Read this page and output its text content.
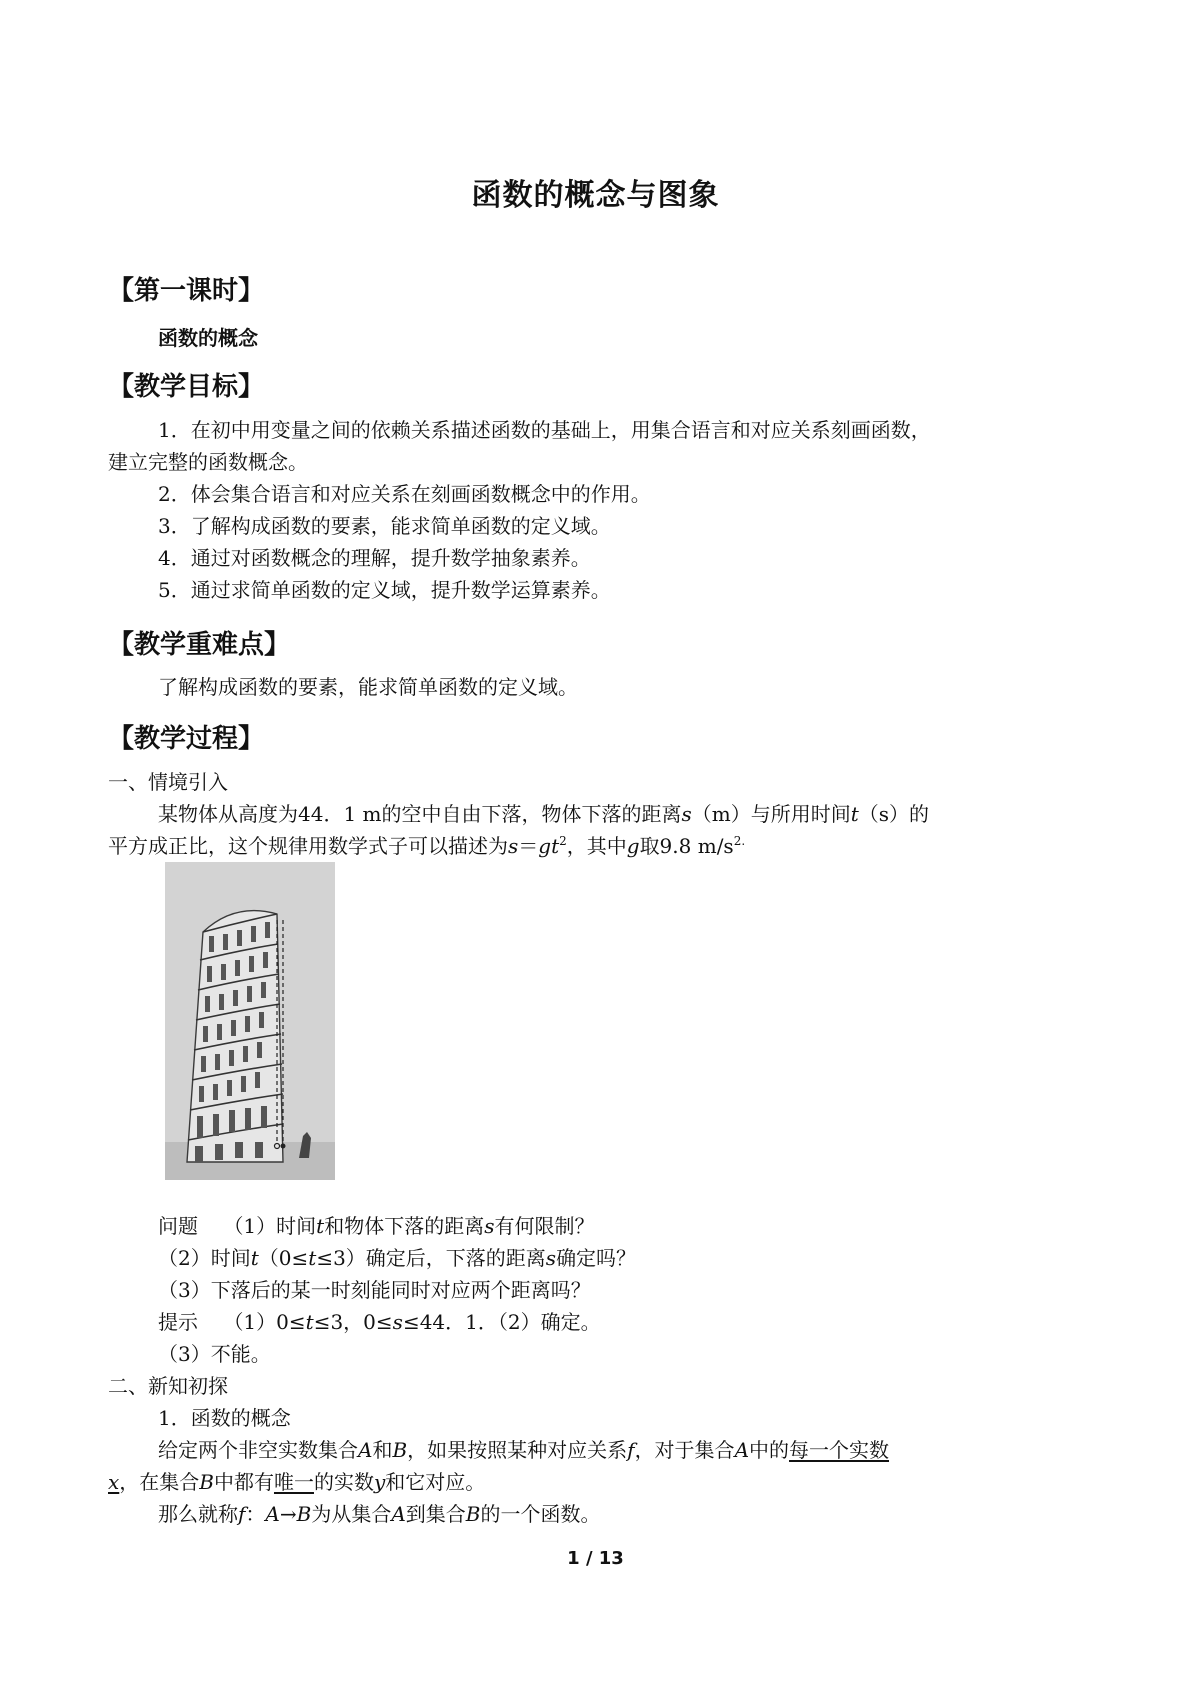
函数的概念与图象
【第一课时】
函数的概念
【教学目标】
1．在初中用变量之间的依赖关系描述函数的基础上，用集合语言和对应关系刻画函数，
建立完整的函数概念。
2．体会集合语言和对应关系在刻画函数概念中的作用。
3．了解构成函数的要素，能求简单函数的定义域。
4．通过对函数概念的理解，提升数学抽象素养。
5．通过求简单函数的定义域，提升数学运算素养。
【教学重难点】
了解构成函数的要素，能求简单函数的定义域。
【教学过程】
一、情境引入
某物体从高度为44．1 m的空中自由下落，物体下落的距离s（m）与所用时间t（s）的
平方成正比，这个规律用数学式子可以描述为$s=gt^2$，其中g取9.8 $m/s^{2.}$
问题 （1）时间t和物体下落的距离s有何限制？
（2）时间t（0≤t≤3）确定后，下落的距离s确定吗？
（3）下落后的某一时刻能同时对应两个距离吗？
提示 （1）0≤t≤3，0≤s≤44．1．（2）确定。
（3）不能。
二、新知初探
1．函数的概念
给定两个非空实数集合A和B，如果按照某种对应关系f，对于集合A中的每一个实数
x，在集合B中都有唯一的实数y和它对应。
那么就称f：A→B为从集合A到集合B的一个函数。
1 / 13
